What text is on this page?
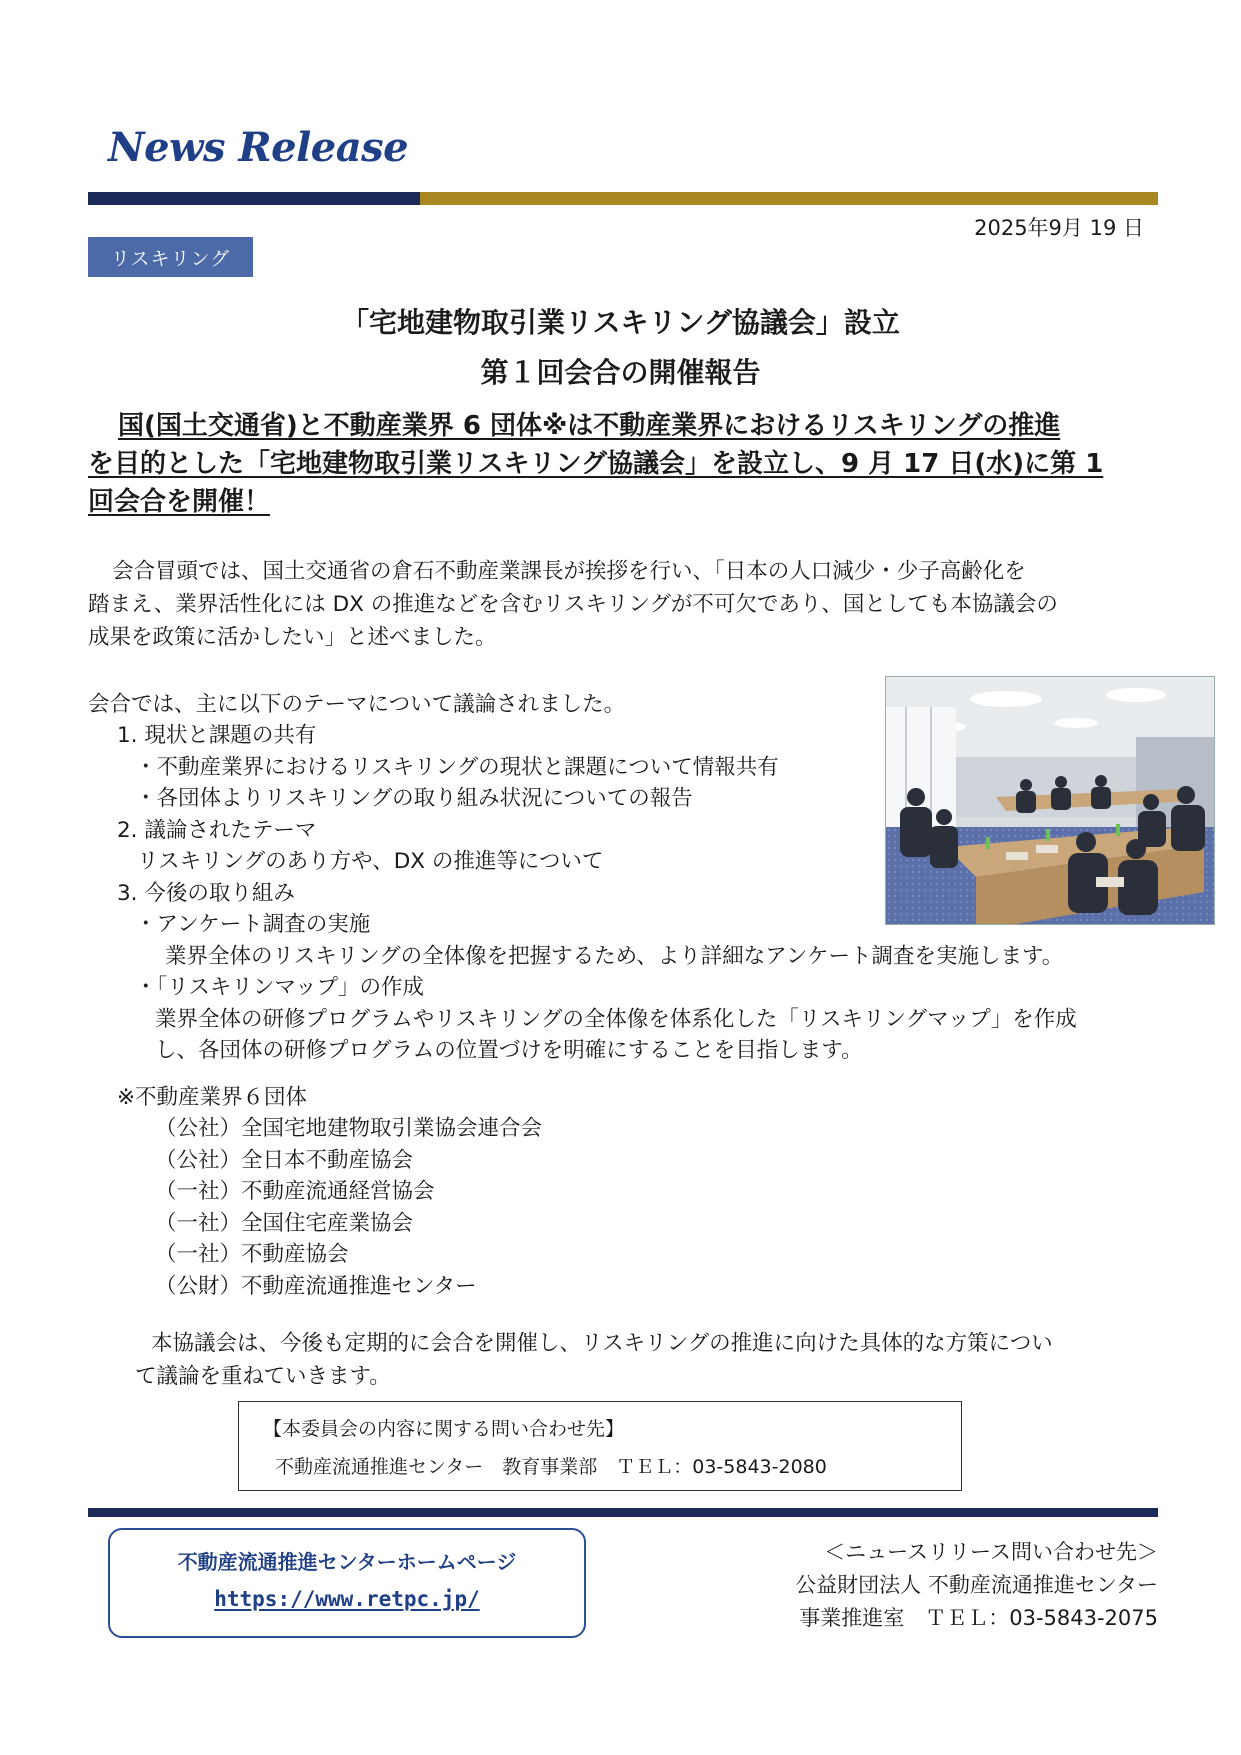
News Release
2025年9月 19 日
リスキリング
「宅地建物取引業リスキリング協議会」設立
第１回会合の開催報告
国(国土交通省)と不動産業界 6 団体※は不動産業界におけるリスキリングの推進
を目的とした「宅地建物取引業リスキリング協議会」を設立し、9 月 17 日(水)に第 1
回会合を開催！
会合冒頭では、国土交通省の倉石不動産業課長が挨拶を行い、「日本の人口減少・少子高齢化を
踏まえ、業界活性化には DX の推進などを含むリスキリングが不可欠であり、国としても本協議会の
成果を政策に活かしたい」と述べました。
会合では、主に以下のテーマについて議論されました。
1. 現状と課題の共有
・不動産業界におけるリスキリングの現状と課題について情報共有
・各団体よりリスキリングの取り組み状況についての報告
2. 議論されたテーマ
リスキリングのあり方や、DX の推進等について
3. 今後の取り組み
・アンケート調査の実施
業界全体のリスキリングの全体像を把握するため、より詳細なアンケート調査を実施します。
・「リスキリンマップ」の作成
業界全体の研修プログラムやリスキリングの全体像を体系化した「リスキリングマップ」を作成
し、各団体の研修プログラムの位置づけを明確にすることを目指します。
※不動産業界６団体
（公社）全国宅地建物取引業協会連合会
（公社）全日本不動産協会
（一社）不動産流通経営協会
（一社）全国住宅産業協会
（一社）不動産協会
（公財）不動産流通推進センター
本協議会は、今後も定期的に会合を開催し、リスキリングの推進に向けた具体的な方策につい
て議論を重ねていきます。
【本委員会の内容に関する問い合わせ先】
不動産流通推進センター　教育事業部　ＴＥＬ：03-5843-2080
不動産流通推進センターホームページ
https://www.retpc.jp/
＜ニュースリリース問い合わせ先＞
公益財団法人 不動産流通推進センター
事業推進室　ＴＥＬ：03-5843-2075
